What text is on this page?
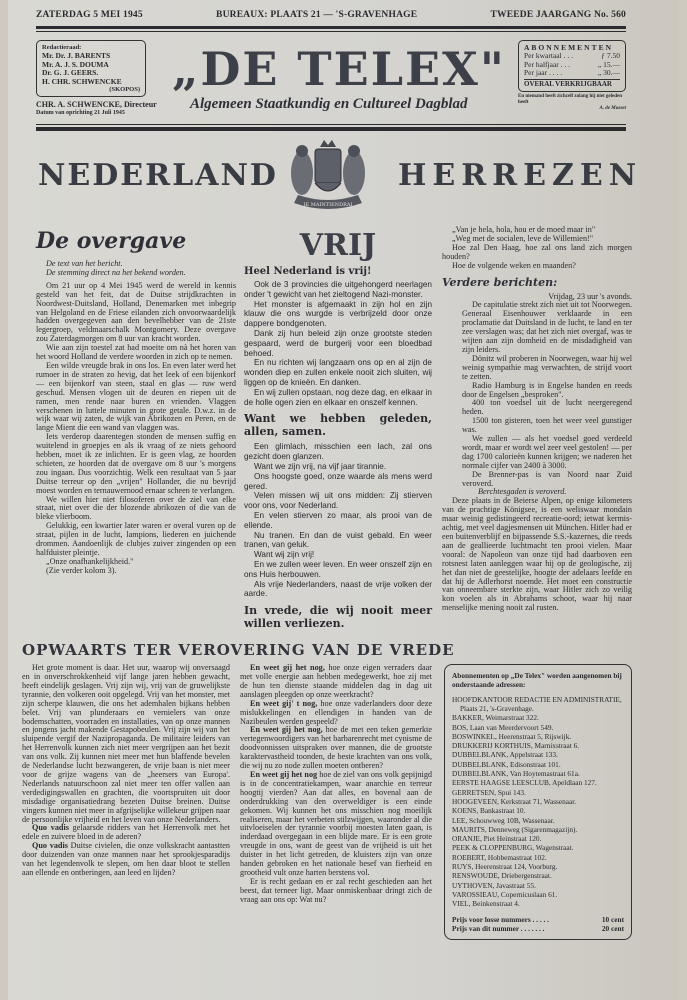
ZATERDAG 5 MEI 1945	BUREAUX: PLAATS 21 — 'S-GRAVENHAGE	TWEEDE JAARGANG No. 560
Redactieraad:
Mr. Dr. J. BARENTS
Mr. A. J. S. DOUMA
Dr. G. J. GEERS.
H. CHR. SCHWENCKE
(SKOPOS)
CHR. A. SCHWENCKE, Directeur
Datum van oprichting 21 Juli 1945
„DE TELEX"
Algemeen Staatkundig en Cultureel Dagblad
ABONNEMENTEN
Per kwartaal . . .	ƒ 7.50
Per halfjaar . . .	„ 15.—
Per jaar . . . .	„ 30.—
OVERAL VERKRIJGBAAR
En niemand heeft zichzelf zolang hij niet geleden heeft
A. de Musset
NEDERLAND
JE MAINTIENDRAI
HERREZEN
De overgave

De text van het bericht.

De stemming direct na het bekend worden.

Om 21 uur op 4 Mei 1945 werd de wereld in kennis gesteld van het feit, dat de Duitse strijdkrachten in Noordwest-Duitsland, Holland, Denemarken met inbegrip van Helgoland en de Friese eilanden zich onvoorwaardelijk hadden overgegeven aan den bevelhebber van de 21ste legergroep, veldmaarschalk Montgomery. Deze overgave zou Zaterdagmorgen om 8 uur van kracht worden.

Wie aan zijn toestel zat had moeite om nà het horen van het woord Holland de verdere woorden in zich op te nemen.

Een wilde vreugde brak in ons los. En even later werd het rumoer in de straten zo hevig, dat het leek of een bijenkorf — een bijenkorf van steen, staal en glas — ruw werd geschud. Mensen vlogen uit de deuren en riepen uit de ramen, men rende naar buren en vrienden. Vlaggen verschenen in luttele minuten in grote getale. D.w.z. in de wijk waar wij zaten, de wijk van Abrikozen en Peren, en de lange Mient die een wand van vlaggen was.

Iets verderop daarentegen stonden de mensen suffig en wuitelend in groepjes en als ik vraag of ze niets gehoord hebben, moet ik ze inlichten. Er is geen vlag, ze hoorden schieten, ze hoorden dat de overgave om 8 uur 's morgens zou ingaan. Dus voorzichtig. Welk een resultaat van 5 jaar Duitse terreur op den „vrijen" Hollander, die nu bevrijd moest worden en ternauwernood ernaar scheen te verlangen.

We willen hier niet filosoferen over de ziel van elke straat, niet over die der blozende abrikozen of die van de bleke vlierboom.

Gelukkig, een kwartier later waren er overal vuren op de straat, pijlen in de lucht, lampions, liederen en juichende drommen. Aandoenlijk de clubjes zuiver zingenden op een halfduister pleintje.

„Onze onafhankelijkheid."

(Zie verder kolom 3).

VRIJ

Heel Nederland is vrij!

Ook de 3 provincies die uitgehongerd neerlagen onder 't gewicht van het zieltogend Nazi-monster.

Het monster is afgemaakt in zijn hol en zijn klauw die ons wurgde is verbrijzeld door onze dappere bondgenoten.

Dank zij hun beleid zijn onze grootste steden gespaard, werd de burgerij voor een bloedbad behoed.

En nu richten wij langzaam ons op en al zijn de wonden diep en zullen enkele nooit zich sluiten, wij liggen op de knieën. En danken.

En wij zullen opstaan, nog deze dag, en elkaar in de holle ogen zien en elkaar en onszelf kennen.

Want we hebben geleden, allen, samen.

Een glimlach, misschien een lach, zal ons gezicht doen glanzen.

Want we zijn vrij, na vijf jaar tirannie.

Ons hoogste goed, onze waarde als mens werd gered.

Velen missen wij uit ons midden: Zij stierven voor ons, voor Nederland.

En velen stierven zo maar, als prooi van de ellende.

Nu tranen. En dan de vuist gebald. En weer tranen, van geluk.

Want wij zijn vrij!

En we zullen weer leven. En weer onszelf zijn en ons Huis herbouwen.

Als vrije Nederlanders, naast de vrije volken der aarde.

In vrede, die wij nooit meer willen verliezen.

„Van je hela, hola, hou er de moed maar in"

„Weg met de socialen, leve de Willemien!"

Hoe zal Den Haag, hoe zal ons land zich morgen houden?

Hoe de volgende weken en maanden?

Verdere berichten:

Vrijdag, 23 uur 's avonds.

De capitulatie strekt zich niet uit tot Noorwegen. Generaal Eisenhouwer verklaarde in een proclamatie dat Duitsland in de lucht, te land en ter zee verslagen was; dat het zich niet overgaf, was te wijten aan zijn domheid en de misdadigheid van zijn leiders.

Dönitz wil proberen in Noorwegen, waar hij wel weinig sympathie mag verwachten, de strijd voort te zetten.

Radio Hamburg is in Engelse handen en reeds door de Engelsen „besproken".

400 ton voedsel uit de lucht neergeregend heden.

1500 ton gisteren, toen het weer veel gunstiger was.

We zullen — als het voedsel goed verdeeld wordt, maar er wordt wel zeer veel gestolen! — per dag 1700 calorieën kunnen krijgen; we naderen het normale cijfer van 2400 à 3000.

De Brenner-pas is van Noord naar Zuid veroverd.

Berchtesgaden is veroverd.

Deze plaats in de Beierse Alpen, op enige kilometers van de prachtige Königsee, is een weliswaar mondain maar weinig gedistingeerd recreatie-oord; ietwat kermis-achtig, met veel dagjesmensen uit München. Hitler had er een buitenverblijf en bijpassende S.S.-kazernes, die reeds aan de geallieerde luchtmacht ten prooi vielen. Maar vooral: de Napoleon van onze tijd had daarboven een rotsnest laten aanleggen waar hij op de geologische, zij het dan niet de geestelijke, hoogte der adelaars leefde en dat hij de Adlerhorst noemde. Het moet een constructie van onneembare sterkte zijn, waar Hitler zich zo veilig kon voelen als in Abrahams schoot, waar hij naar menselijke mening nooit zal rusten.

OPWAARTS TER VEROVERING VAN DE VREDE

Het grote moment is daar. Het uur, waarop wij onversaagd en in onverschrokkenheid vijf lange jaren hebben gewacht, heeft eindelijk geslagen. Vrij zijn wij, vrij van de gruwelijkste tyrannie, den volkeren ooit opgelegd. Vrij van het monster, met zijn scherpe klauwen, die ons het ademhalen bijkans hebben belet. Vrij van plunderaars en vernielers van onze bodemschatten, voorraden en installaties, van op onze mannen en jongens jacht makende Gestapobeulen. Vrij zijn wij van het sluipende vergif der Nazipropaganda. De militaire leiders van het Herrenvolk kunnen zich niet meer vergrijpen aan het bezit van ons volk. Zij kunnen niet meer met hun blaffende bevelen de Nederlandse lucht bezwangeren, de vrije baan is niet meer voor de grijze wagens van de „heersers van Europa'. Nederlands natuurschoon zal niet meer ten offer vallen aan verdedigingswallen en grachten, die voortspruiten uit door misdadige organisatiedrang bezeten Duitse breinen. Duitse vingers kunnen niet meer in afgrijselijke willekeur grijpen naar de persoonlijke vrijheid en het leven van onze Nederlanders.

Quo vadis gelaarsde ridders van het Herrenvolk met het edele en zuivere bloed in de aderen?

Quo vadis Duitse civielen, die onze volkskracht aantastten door duizenden van onze mannen naar het sprookjesparadijs van het legendenvolk te slepen, om hen daar bloot te stellen aan ellende en ontberingen, aan leed en lijden?

En weet gij het nog, hoe onze eigen verraders daar met volle energie aan hebben medegewerkt, hoe zij met de hun ten dienste staande middelen dag in dag uit aanslagen pleegden op onze weerkracht?

En weet gij' t nog, hoe onze vaderlanders door deze mislukkelingen en ellendigen in handen van de Nazibeulen werden gespeeld?

En weet gij het nog, hoe de met een teken gemerkte vertegenwoordigers van het barbarenrecht met cynisme de doodvonnissen uitspraken over mannen, die de grootste karaktervastheid toonden, de beste krachten van ons volk, die wij nu zo node zullen moeten ontberen?

En weet gij het nog hoe de ziel van ons volk gepijnigd is in de concentratiekampen, waar anarchie en terreur hoogtij vierden? Aan dat alles, en bovenal aan de onderdrukking van den overweldiger is een einde gekomen. Wij kunnen het ons misschien nog moeilijk realiseren, maar het verbeten stilzwijgen, waaronder al die uitvloeiselen der tyrannie voorbij moesten laten gaan, is inderdaad overgegaan in een blijde mare. Er is een grote vreugde in ons, want de geest van de vrijheid is uit het duister in het licht getreden, de kluisters zijn van onze handen gebroken en het nationale besef van fierheid en grootheid vult onze harten berstens vol.

Er is recht gedaan en er zal recht geschieden aan het beest, dat terneer ligt. Maar onmiskenbaar dringt zich de vraag aan ons op: Wat nu?

Abonnementen op „De Telex" worden aangenomen bij onderstaande adressen:
HOOFDKANTOOR REDACTIE EN ADMINISTRATIE, Plaats 21, 's-Gravenhage.
BAKKER, Weimarstraat 322.
BOS, Laan van Meerdervoort 549.
BOSWINKEL, Heerenstraat 5, Rijswijk.
DRUKKERIJ KORTHUIS, Marnixstraat 6.
DUBBELBLANK, Appelstraat 133.
DUBBELBLANK, Edisonstraat 101.
DUBBELBLANK, Van Hoytemastraat 61a.
EERSTE HAAGSE LEESCLUB, Apeldlaan 127.
GERRETSEN, Spui 143.
HOOGEVEEN, Kerkstraat 71, Wassenaar.
KOENS, Bankastraat 10.
LEE, Schouwweg 10B, Wassenaar.
MAURITS, Denneweg (Sigarenmagazijn).
ORANJE, Piet Heinstraat 120.
PEEK & CLOPPENBURG, Wagenstraat.
ROEBERT, Hobbemastraat 102.
RUYS, Heerenstraat 124, Voorburg.
RENSWOUDE, Driebergenstraat.
UYTHOVEN, Javastraat 55.
VAROSSIEAU, Copernicuslaan 61.
VIEL, Beinkenstraat 4.
Prijs voor losse nummers . . . . .	10 cent
Prijs van dit nummer . . . . . . .	20 cent
